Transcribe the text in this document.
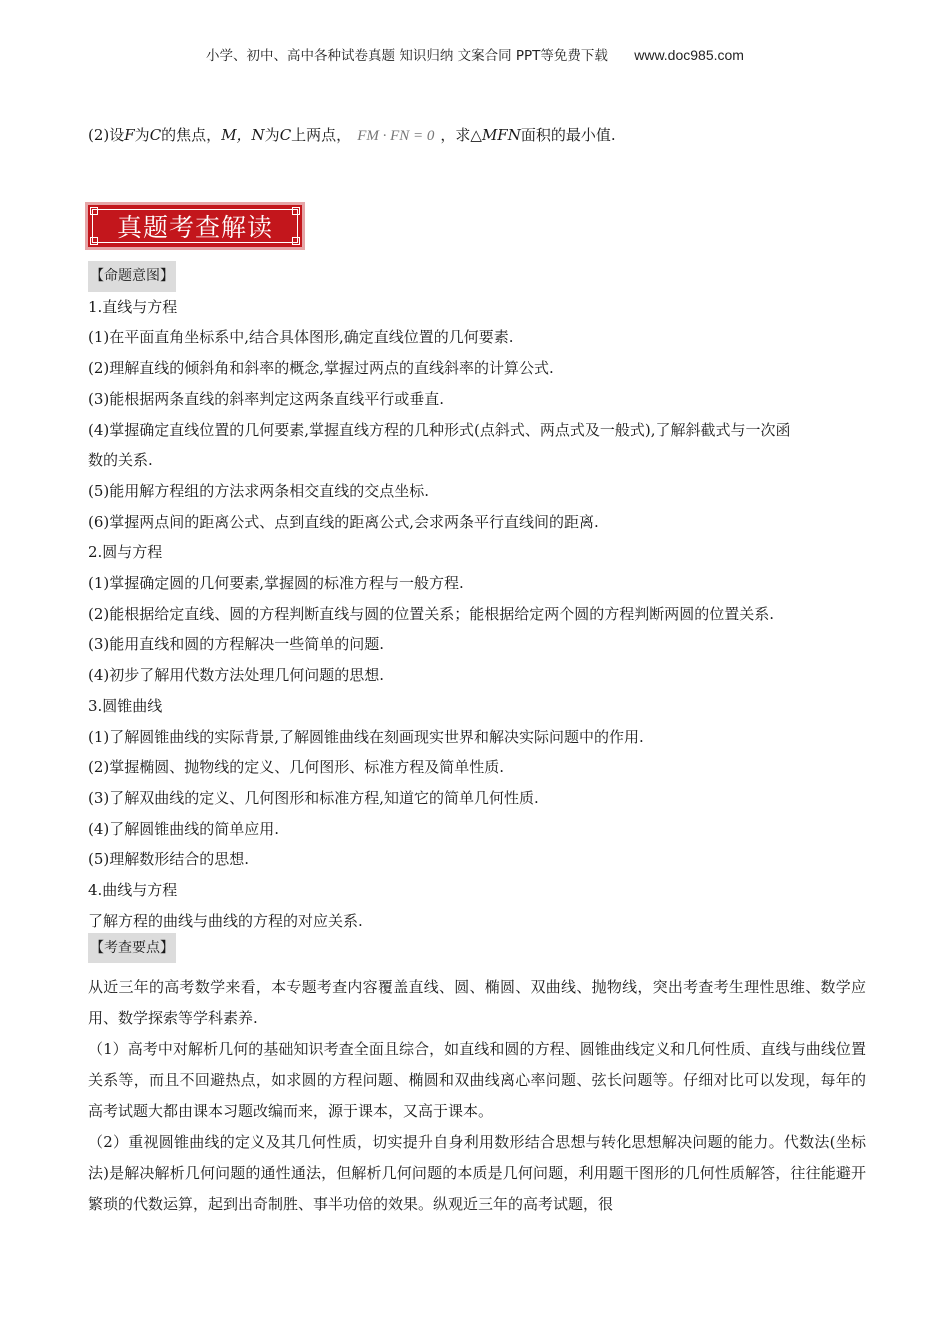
小学、初中、高中各种试卷真题 知识归纳 文案合同 PPT等免费下载 www.doc985.com
(2)设F为C的焦点，M，N为C上两点， FM · FN = 0 ，求△MFN面积的最小值.
真题考查解读
【命题意图】
1.直线与方程
(1)在平面直角坐标系中,结合具体图形,确定直线位置的几何要素.
(2)理解直线的倾斜角和斜率的概念,掌握过两点的直线斜率的计算公式.
(3)能根据两条直线的斜率判定这两条直线平行或垂直.
(4)掌握确定直线位置的几何要素,掌握直线方程的几种形式(点斜式、两点式及一般式),了解斜截式与一次函
数的关系.
(5)能用解方程组的方法求两条相交直线的交点坐标.
(6)掌握两点间的距离公式、点到直线的距离公式,会求两条平行直线间的距离.
2.圆与方程
(1)掌握确定圆的几何要素,掌握圆的标准方程与一般方程.
(2)能根据给定直线、圆的方程判断直线与圆的位置关系；能根据给定两个圆的方程判断两圆的位置关系.
(3)能用直线和圆的方程解决一些简单的问题.
(4)初步了解用代数方法处理几何问题的思想.
3.圆锥曲线
(1)了解圆锥曲线的实际背景,了解圆锥曲线在刻画现实世界和解决实际问题中的作用.
(2)掌握椭圆、抛物线的定义、几何图形、标准方程及简单性质.
(3)了解双曲线的定义、几何图形和标准方程,知道它的简单几何性质.
(4)了解圆锥曲线的简单应用.
(5)理解数形结合的思想.
4.曲线与方程
了解方程的曲线与曲线的方程的对应关系.
【考查要点】

从近三年的高考数学来看，本专题考查内容覆盖直线、圆、椭圆、双曲线、抛物线，突出考查考生理性思维、数学应用、数学探索等学科素养.

（1）高考中对解析几何的基础知识考查全面且综合，如直线和圆的方程、圆锥曲线定义和几何性质、直线与曲线位置关系等，而且不回避热点，如求圆的方程问题、椭圆和双曲线离心率问题、弦长问题等。仔细对比可以发现，每年的高考试题大都由课本习题改编而来，源于课本，又高于课本。

（2）重视圆锥曲线的定义及其几何性质，切实提升自身利用数形结合思想与转化思想解决问题的能力。代数法(坐标法)是解决解析几何问题的通性通法，但解析几何问题的本质是几何问题，利用题干图形的几何性质解答，往往能避开繁琐的代数运算，起到出奇制胜、事半功倍的效果。纵观近三年的高考试题，很
